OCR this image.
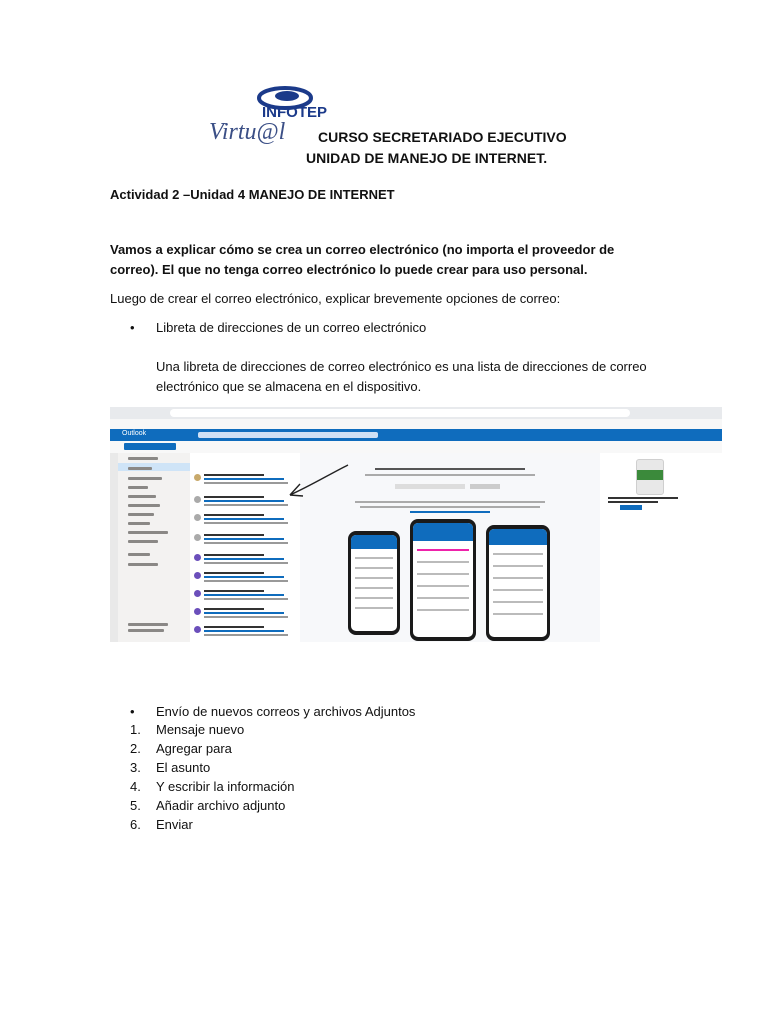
INFOTEP
Virtu@l CURSO SECRETARIADO EJECUTIVO
UNIDAD DE MANEJO DE INTERNET.
Actividad 2 –Unidad 4 MANEJO DE INTERNET
Vamos a explicar cómo se crea un correo electrónico (no importa el proveedor de correo). El que no tenga correo electrónico lo puede crear para uso personal.
Luego de crear el correo electrónico, explicar brevemente opciones de correo:
• Libreta de direcciones de un correo electrónico
Una libreta de direcciones de correo electrónico es una lista de direcciones de correo electrónico que se almacena en el dispositivo.
Outlook
• Envío de nuevos correos y archivos Adjuntos
1. Mensaje nuevo
2. Agregar para
3. El asunto
4. Y escribir la información
5. Añadir archivo adjunto
6. Enviar
